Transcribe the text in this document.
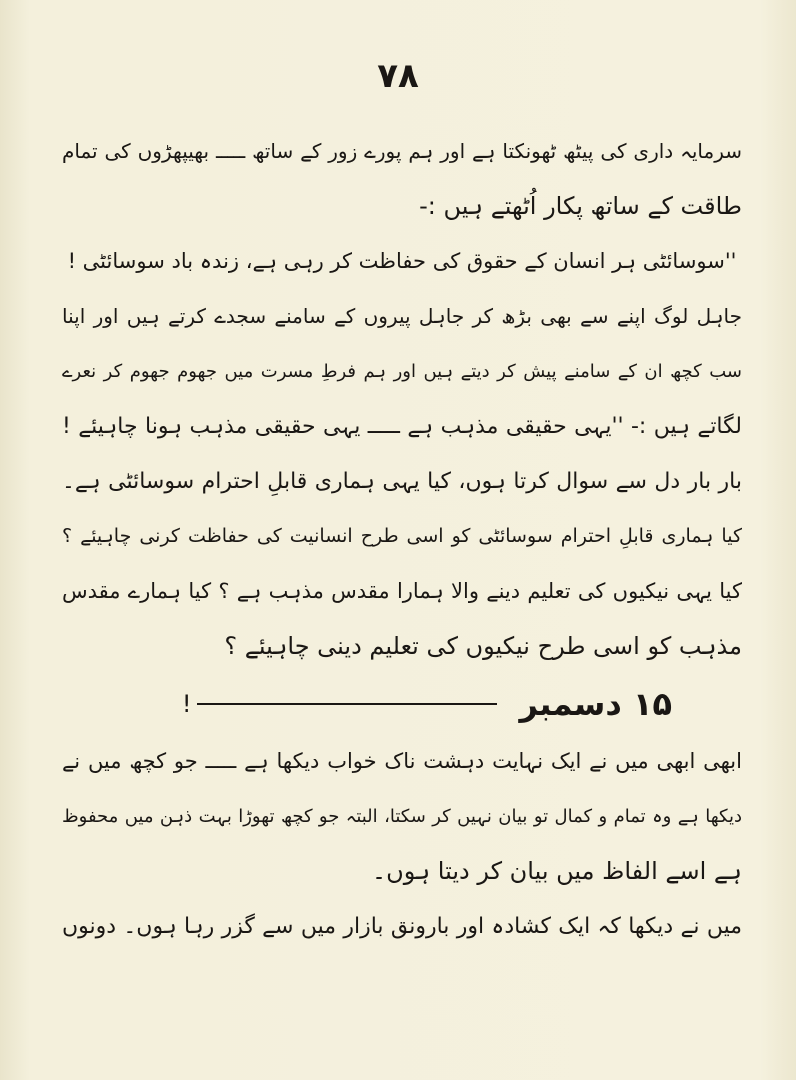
۷۸
سرمایہ داری کی پیٹھ ٹھونکتا ہے اور ہم پورے زور کے ساتھ ـــــ بھیپھڑوں کی تمام
طاقت کے ساتھ پکار اُٹھتے ہیں :-
''سوسائٹی ہر انسان کے حقوق کی حفاظت کر رہی ہے، زندہ باد سوسائٹی !
جاہل لوگ اپنے سے بھی بڑھ کر جاہل پیروں کے سامنے سجدے کرتے ہیں اور اپنا
سب کچھ ان کے سامنے پیش کر دیتے ہیں اور ہم فرطِ مسرت میں جھوم جھوم کر نعرے
لگاتے ہیں :- ''یہی حقیقی مذہب ہے ـــــ یہی حقیقی مذہب ہونا چاہیئے !
بار بار دل سے سوال کرتا ہوں، کیا یہی ہماری قابلِ احترام سوسائٹی ہے۔
کیا ہماری قابلِ احترام سوسائٹی کو اسی طرح انسانیت کی حفاظت کرنی چاہیئے ؟
کیا یہی نیکیوں کی تعلیم دینے والا ہمارا مقدس مذہب ہے ؟ کیا ہمارے مقدس
مذہب کو اسی طرح نیکیوں کی تعلیم دینی چاہیئے ؟
۱۵ دسمبر
!
ابھی ابھی میں نے ایک نہایت دہشت ناک خواب دیکھا ہے ـــــ جو کچھ میں نے
دیکھا ہے وہ تمام و کمال تو بیان نہیں کر سکتا، البتہ جو کچھ تھوڑا بہت ذہن میں محفوظ
ہے اسے الفاظ میں بیان کر دیتا ہوں۔
میں نے دیکھا کہ ایک کشادہ اور بارونق بازار میں سے گزر رہا ہوں۔ دونوں
